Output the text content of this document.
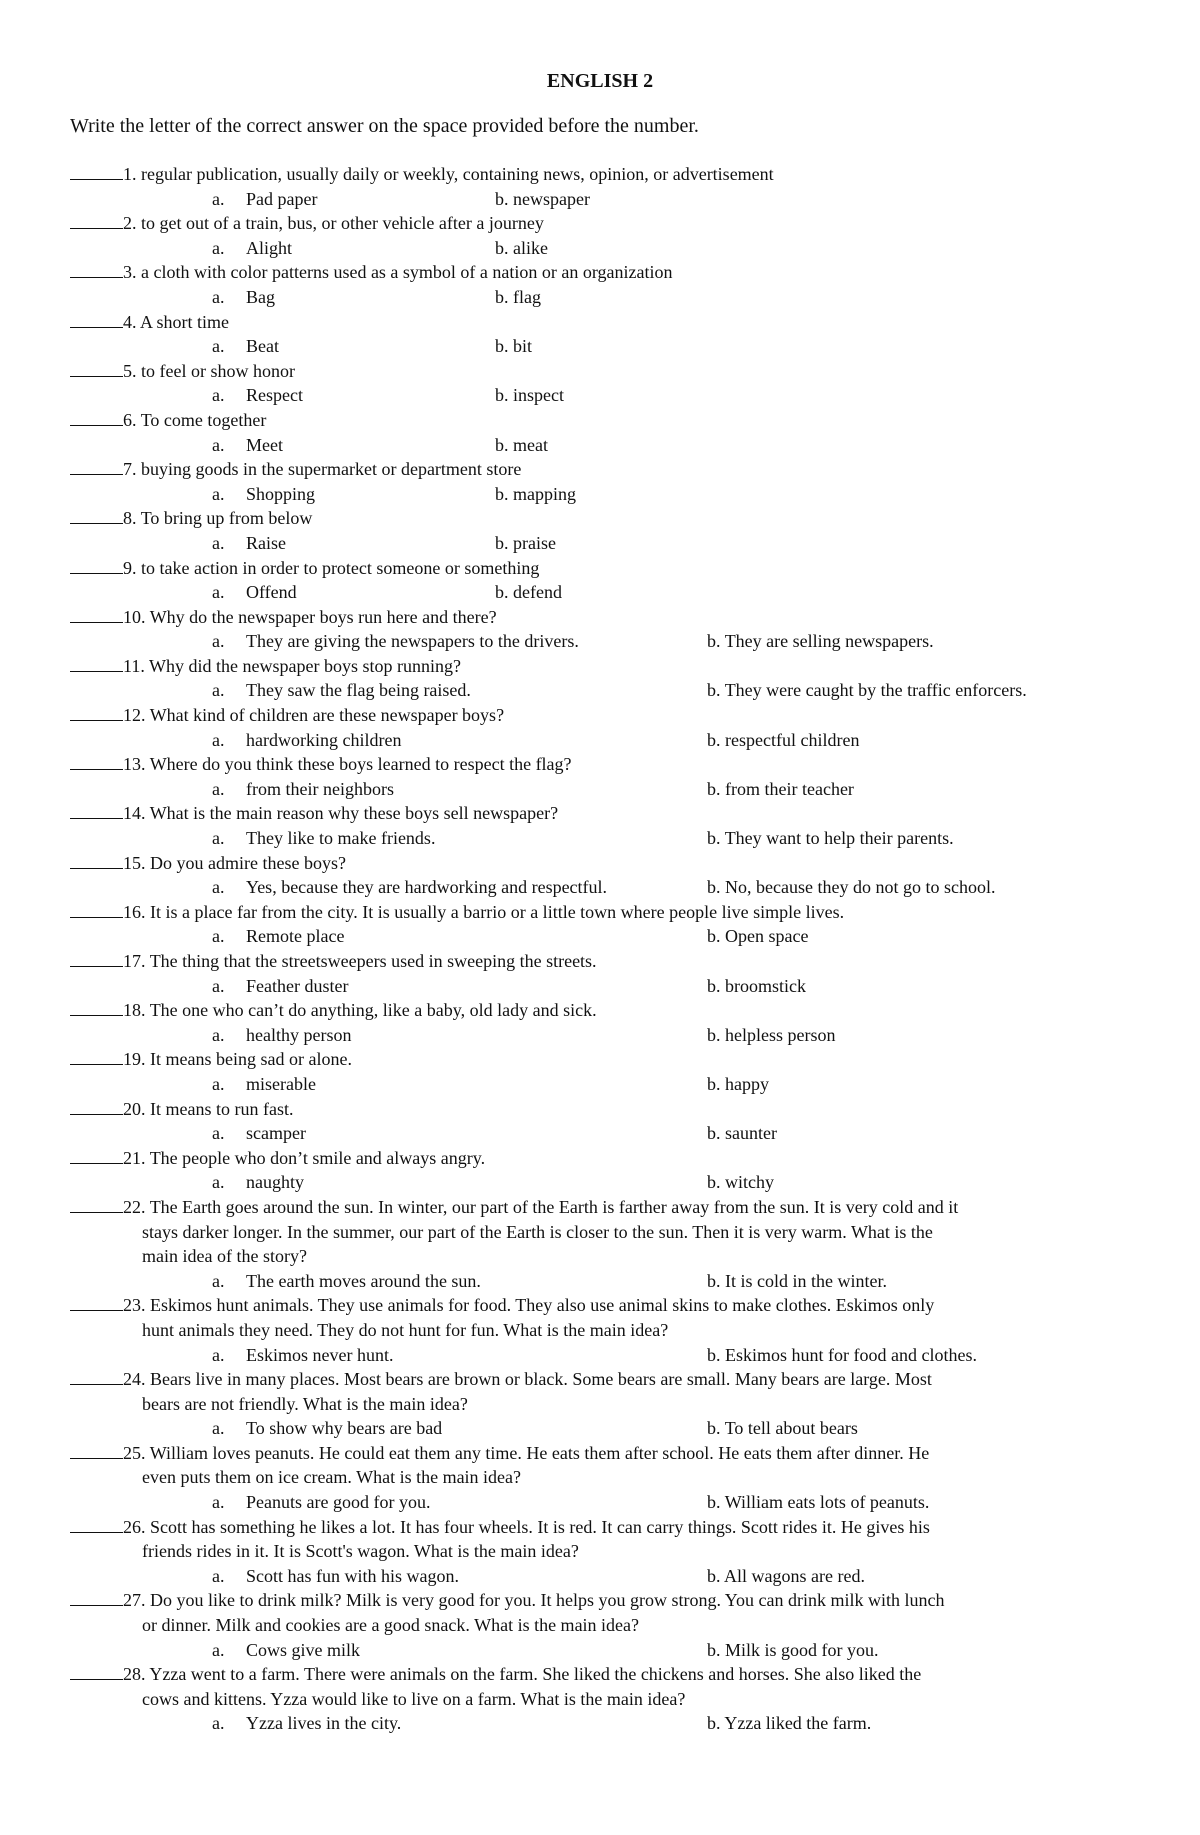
ENGLISH 2
Write the letter of the correct answer on the space provided before the number.
1. regular publication, usually daily or weekly, containing news, opinion, or advertisement
a. Pad paper	b. newspaper
2. to get out of a train, bus, or other vehicle after a journey
a. Alight	b. alike
3. a cloth with color patterns used as a symbol of a nation or an organization
a. Bag	b. flag
4. A short time
a. Beat	b. bit
5. to feel or show honor
a. Respect	b. inspect
6. To come together
a. Meet	b. meat
7. buying goods in the supermarket or department store
a. Shopping	b. mapping
8. To bring up from below
a. Raise	b. praise
9. to take action in order to protect someone or something
a. Offend	b. defend
10. Why do the newspaper boys run here and there?
a. They are giving the newspapers to the drivers.	b. They are selling newspapers.
11. Why did the newspaper boys stop running?
a. They saw the flag being raised.	b. They were caught by the traffic enforcers.
12. What kind of children are these newspaper boys?
a. hardworking children	b. respectful children
13. Where do you think these boys learned to respect the flag?
a. from their neighbors	b. from their teacher
14. What is the main reason why these boys sell newspaper?
a. They like to make friends.	b. They want to help their parents.
15. Do you admire these boys?
a. Yes, because they are hardworking and respectful.	b. No, because they do not go to school.
16. It is a place far from the city. It is usually a barrio or a little town where people live simple lives.
a. Remote place	b. Open space
17. The thing that the streetsweepers used in sweeping the streets.
a. Feather duster	b. broomstick
18. The one who can’t do anything, like a baby, old lady and sick.
a. healthy person	b. helpless person
19. It means being sad or alone.
a. miserable	b. happy
20. It means to run fast.
a. scamper	b. saunter
21. The people who don’t smile and always angry.
a. naughty	b. witchy
22. The Earth goes around the sun. In winter, our part of the Earth is farther away from the sun. It is very cold and it
stays darker longer. In the summer, our part of the Earth is closer to the sun. Then it is very warm. What is the
main idea of the story?
a. The earth moves around the sun.	b. It is cold in the winter.
23. Eskimos hunt animals. They use animals for food. They also use animal skins to make clothes. Eskimos only
hunt animals they need. They do not hunt for fun. What is the main idea?
a. Eskimos never hunt.	b. Eskimos hunt for food and clothes.
24. Bears live in many places. Most bears are brown or black. Some bears are small. Many bears are large. Most
bears are not friendly. What is the main idea?
a. To show why bears are bad	b. To tell about bears
25. William loves peanuts. He could eat them any time. He eats them after school. He eats them after dinner. He
even puts them on ice cream. What is the main idea?
a. Peanuts are good for you.	b. William eats lots of peanuts.
26. Scott has something he likes a lot. It has four wheels. It is red. It can carry things. Scott rides it. He gives his
friends rides in it. It is Scott's wagon. What is the main idea?
a. Scott has fun with his wagon.	b. All wagons are red.
27. Do you like to drink milk? Milk is very good for you. It helps you grow strong. You can drink milk with lunch
or dinner. Milk and cookies are a good snack. What is the main idea?
a. Cows give milk	b. Milk is good for you.
28. Yzza went to a farm. There were animals on the farm. She liked the chickens and horses. She also liked the
cows and kittens. Yzza would like to live on a farm. What is the main idea?
a. Yzza lives in the city.	b. Yzza liked the farm.
